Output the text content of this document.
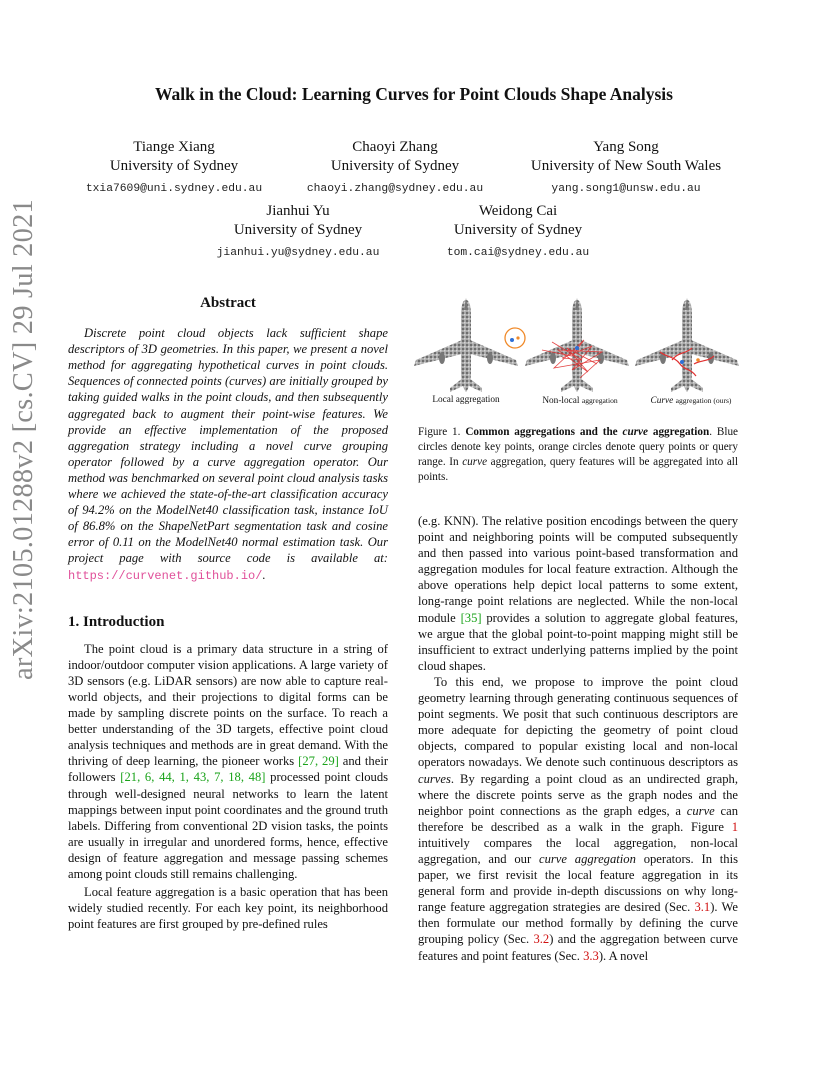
arXiv:2105.01288v2 [cs.CV] 29 Jul 2021
Walk in the Cloud: Learning Curves for Point Clouds Shape Analysis
Tiange Xiang
University of Sydney
txia7609@uni.sydney.edu.au
Chaoyi Zhang
University of Sydney
chaoyi.zhang@sydney.edu.au
Yang Song
University of New South Wales
yang.song1@unsw.edu.au
Jianhui Yu
University of Sydney
jianhui.yu@sydney.edu.au
Weidong Cai
University of Sydney
tom.cai@sydney.edu.au
Abstract

Discrete point cloud objects lack sufficient shape descriptors of 3D geometries. In this paper, we present a novel method for aggregating hypothetical curves in point clouds. Sequences of connected points (curves) are initially grouped by taking guided walks in the point clouds, and then subsequently aggregated back to augment their point-wise features. We provide an effective implementation of the proposed aggregation strategy including a novel curve grouping operator followed by a curve aggregation operator. Our method was benchmarked on several point cloud analysis tasks where we achieved the state-of-the-art classification accuracy of 94.2% on the ModelNet40 classification task, instance IoU of 86.8% on the ShapeNetPart segmentation task and cosine error of 0.11 on the ModelNet40 normal estimation task. Our project page with source code is available at: https://curvenet.github.io/.

1. Introduction

The point cloud is a primary data structure in a string of indoor/outdoor computer vision applications. A large variety of 3D sensors (e.g. LiDAR sensors) are now able to capture real-world objects, and their projections to digital forms can be made by sampling discrete points on the surface. To reach a better understanding of the 3D targets, effective point cloud analysis techniques and methods are in great demand. With the thriving of deep learning, the pioneer works [27, 29] and their followers [21, 6, 44, 1, 43, 7, 18, 48] processed point clouds through well-designed neural networks to learn the latent mappings between input point coordinates and the ground truth labels. Differing from conventional 2D vision tasks, the points are usually in irregular and unordered forms, hence, effective design of feature aggregation and message passing schemes among point clouds still remains challenging.

Local feature aggregation is a basic operation that has been widely studied recently. For each key point, its neighborhood point features are first grouped by pre-defined rules

Local aggregation	Non-local aggregation	Curve aggregation (ours)
Figure 1. Common aggregations and the curve aggregation. Blue circles denote key points, orange circles denote query points or query range. In curve aggregation, query features will be aggregated into all points.

(e.g. KNN). The relative position encodings between the query point and neighboring points will be computed subsequently and then passed into various point-based transformation and aggregation modules for local feature extraction. Although the above operations help depict local patterns to some extent, long-range point relations are neglected. While the non-local module [35] provides a solution to aggregate global features, we argue that the global point-to-point mapping might still be insufficient to extract underlying patterns implied by the point cloud shapes.

To this end, we propose to improve the point cloud geometry learning through generating continuous sequences of point segments. We posit that such continuous descriptors are more adequate for depicting the geometry of point cloud objects, compared to popular existing local and non-local operators nowadays. We denote such continuous descriptors as curves. By regarding a point cloud as an undirected graph, where the discrete points serve as the graph nodes and the neighbor point connections as the graph edges, a curve can therefore be described as a walk in the graph. Figure 1 intuitively compares the local aggregation, non-local aggregation, and our curve aggregation operators. In this paper, we first revisit the local feature aggregation in its general form and provide in-depth discussions on why long-range feature aggregation strategies are desired (Sec. 3.1). We then formulate our method formally by defining the curve grouping policy (Sec. 3.2) and the aggregation between curve features and point features (Sec. 3.3). A novel
